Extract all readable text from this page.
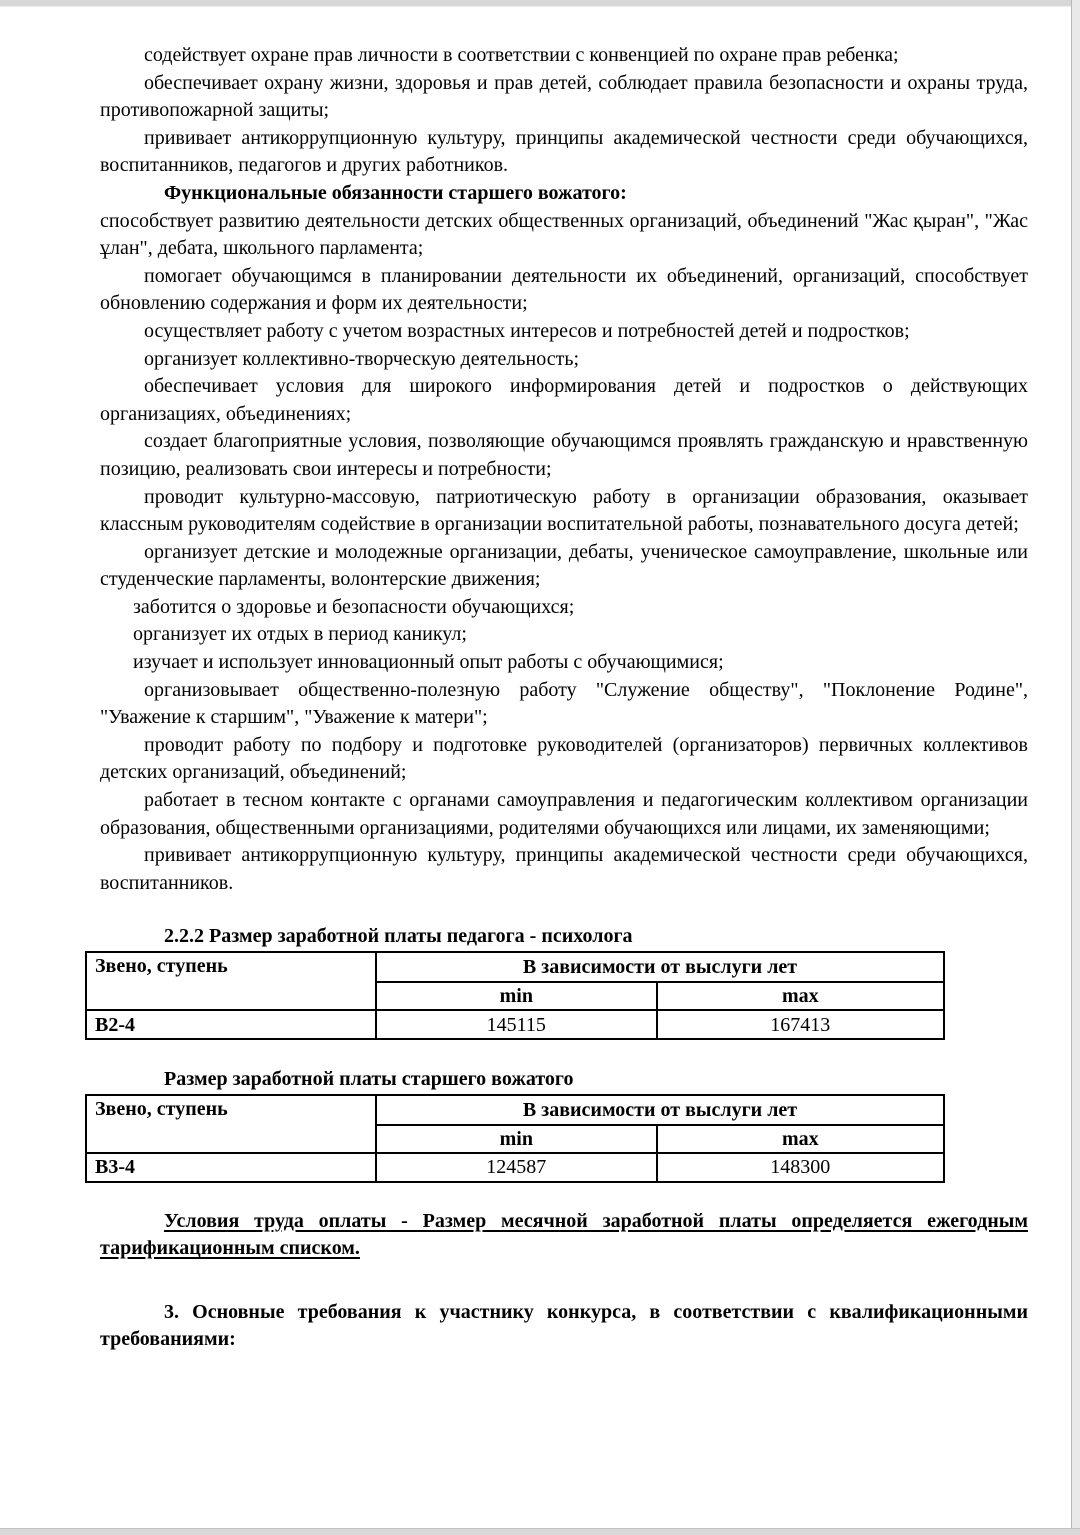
содействует охране прав личности в соответствии с конвенцией по охране прав ребенка;

обеспечивает охрану жизни, здоровья и прав детей, соблюдает правила безопасности и охраны труда, противопожарной защиты;

прививает антикоррупционную культуру, принципы академической честности среди обучающихся, воспитанников, педагогов и других работников.

Функциональные обязанности старшего вожатого:

способствует развитию деятельности детских общественных организаций, объединений "Жас қыран", "Жас ұлан", дебата, школьного парламента;

помогает обучающимся в планировании деятельности их объединений, организаций, способствует обновлению содержания и форм их деятельности;

осуществляет работу с учетом возрастных интересов и потребностей детей и подростков;

организует коллективно-творческую деятельность;

обеспечивает условия для широкого информирования детей и подростков о действующих организациях, объединениях;

создает благоприятные условия, позволяющие обучающимся проявлять гражданскую и нравственную позицию, реализовать свои интересы и потребности;

проводит культурно-массовую, патриотическую работу в организации образования, оказывает классным руководителям содействие в организации воспитательной работы, познавательного досуга детей;

организует детские и молодежные организации, дебаты, ученическое самоуправление, школьные или студенческие парламенты, волонтерские движения;

заботится о здоровье и безопасности обучающихся;

организует их отдых в период каникул;

изучает и использует инновационный опыт работы с обучающимися;

организовывает общественно-полезную работу "Служение обществу", "Поклонение Родине", "Уважение к старшим", "Уважение к матери";

проводит работу по подбору и подготовке руководителей (организаторов) первичных коллективов детских организаций, объединений;

работает в тесном контакте с органами самоуправления и педагогическим коллективом организации образования, общественными организациями, родителями обучающихся или лицами, их заменяющими;

прививает антикоррупционную культуру, принципы академической честности среди обучающихся, воспитанников.

2.2.2 Размер заработной платы педагога - психолога

Звено, ступень	В зависимости от выслуги лет	
	min	max
В2-4	145115	167413

Размер заработной платы старшего вожатого

Звено, ступень	В зависимости от выслуги лет	
	min	max
В3-4	124587	148300

Условия труда оплаты - Размер месячной заработной платы определяется ежегодным тарификационным списком.

3. Основные требования к участнику конкурса, в соответствии с квалификационными требованиями:
